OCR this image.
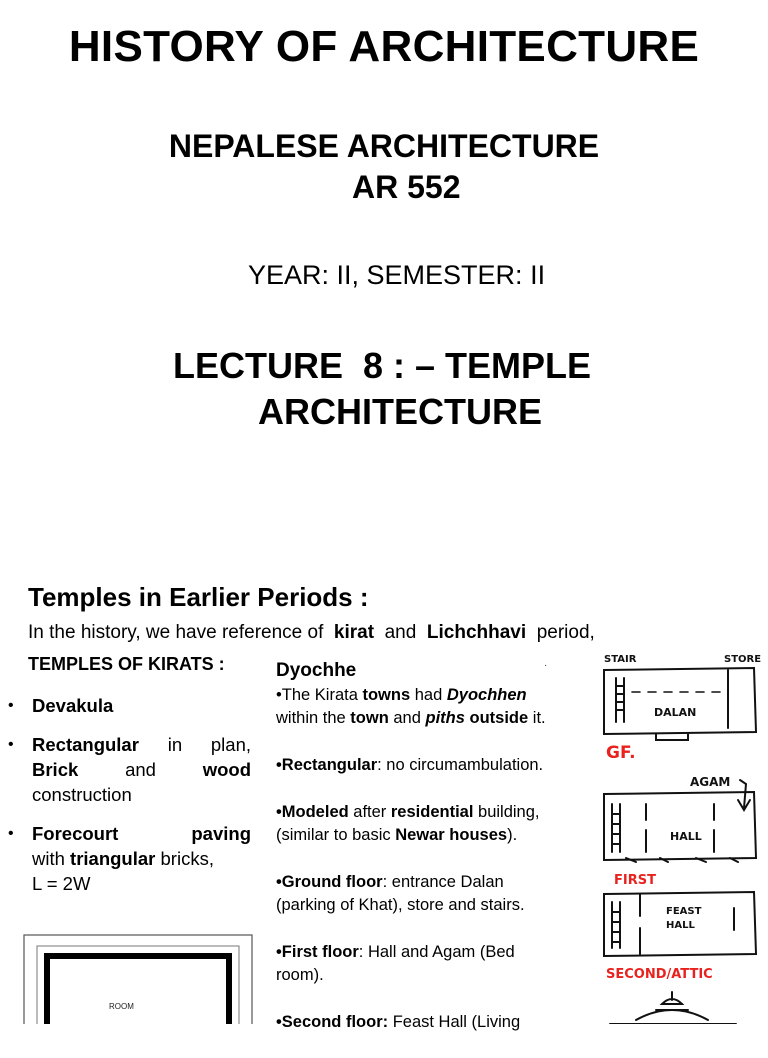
HISTORY OF ARCHITECTURE
NEPALESE ARCHITECTURE
AR 552
YEAR: II, SEMESTER: II
LECTURE  8 : – TEMPLE
ARCHITECTURE
Temples in Earlier Periods :
In the history, we have reference of  kirat  and  Lichchhavi  period,
TEMPLES OF KIRATS :
• Devakula
• Rectangular in plan,
Brick	and	wood
construction
• Forecourt	paving
with triangular bricks,
L = 2W
·
Dyochhe

•The Kirata towns had Dyochhen
within the town and piths outside it.

•Rectangular: no circumambulation.

•Modeled after residential building,
(similar to basic Newar houses).

•Ground floor: entrance Dalan
(parking of Khat), store and stairs.

•First floor: Hall and Agam (Bed
room).

•Second floor: Feast Hall (Living

ROOM
STAIR	STORE
DALAN
GF.
AGAM
HALL
FIRST
FEAST
HALL
SECOND/ATTIC
